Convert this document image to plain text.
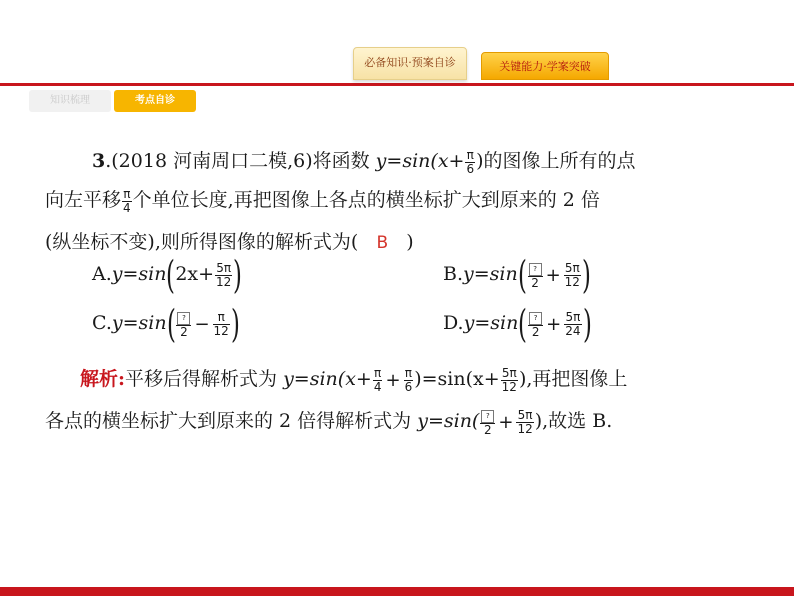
必备知识·预案自诊	关键能力·学案突破
知识梳理	考点自诊
3.(2018 河南周口二模,6)将函数 $y=\sin(x+ \frac{\pi}{6}$ )的图像上所有的点
向左平移 $\frac{\pi}{4}$ 个单位长度,再把图像上各点的横坐标扩大到原来的 2 倍
(纵坐标不变),则所得图像的解析式为( B )
$A.y=\sin(2x+ \frac{5\pi}{12}$ )	$B.y=\sin( \frac{?}{2} + \frac{5\pi}{12}$ )
$C.y=\sin( \frac{?}{2} - \frac{\pi}{12}$ )	$D.y=\sin( \frac{?}{2} + \frac{5\pi}{24}$ )
解析:平移后得解析式为 $y=\sin(x+ \frac{\pi}{4} + \frac{\pi}{6} )=\sin(x+ \frac{5\pi}{12}$ ),再把图像上
各点的横坐标扩大到原来的 2 倍得解析式为 $y=\sin( \frac{?}{2} + \frac{5\pi}{12}$ ),故选 B.
